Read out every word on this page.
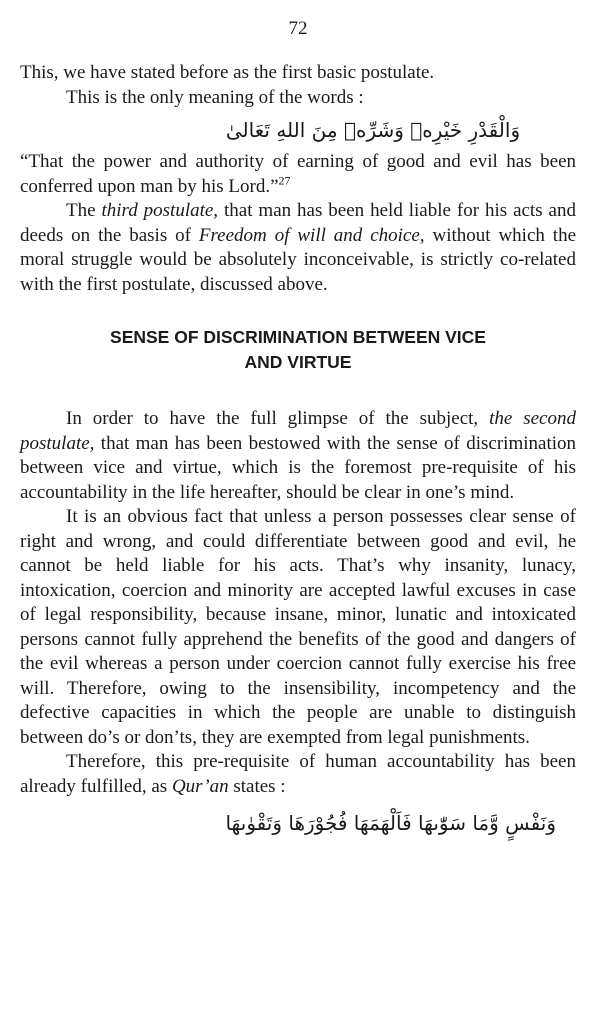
72

This, we have stated before as the first basic postulate.

This is the only meaning of the words :

وَالْقَدْرِ خَيْرِهٖ وَشَرِّهٖ مِنَ اللهِ تَعَالىٰ

“That the power and authority of earning of good and evil has been conferred upon man by his Lord.”$^{27}$

The third postulate, that man has been held liable for his acts and deeds on the basis of Freedom of will and choice, without which the moral struggle would be absolutely inconceivable, is strictly co-related with the first postulate, discussed above.

SENSE OF DISCRIMINATION BETWEEN VICE
AND VIRTUE

In order to have the full glimpse of the subject, the second postulate, that man has been bestowed with the sense of discrimination between vice and virtue, which is the foremost pre-requisite of his accountability in the life hereafter, should be clear in one’s mind.

It is an obvious fact that unless a person possesses clear sense of right and wrong, and could differentiate between good and evil, he cannot be held liable for his acts. That’s why insanity, lunacy, intoxication, coercion and minority are accepted lawful excuses in case of legal responsibility, because insane, minor, lunatic and intoxicated persons cannot fully apprehend the benefits of the good and dangers of the evil whereas a person under coercion cannot fully exercise his free will. Therefore, owing to the insensibility, incompetency and the defective capacities in which the people are unable to distinguish between do’s or don’ts, they are exempted from legal punishments.

Therefore, this pre-requisite of human accountability has been already fulfilled, as Qur’an states :

وَنَفْسٍ وَّمَا سَوّٰىهَا فَاَلْهَمَهَا فُجُوْرَهَا وَتَقْوٰىهَا
